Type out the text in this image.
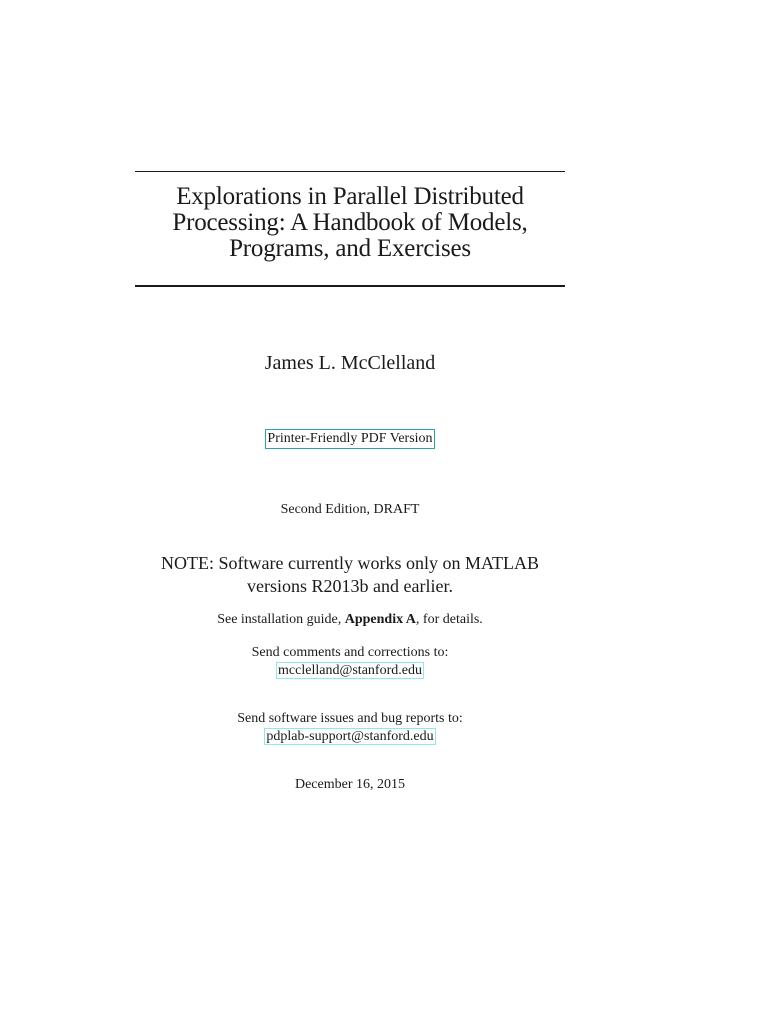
Explorations in Parallel Distributed
Processing: A Handbook of Models,
Programs, and Exercises
James L. McClelland
Printer-Friendly PDF Version
Second Edition, DRAFT
NOTE: Software currently works only on MATLAB
versions R2013b and earlier.
See installation guide, Appendix A, for details.
Send comments and corrections to:
mcclelland@stanford.edu
Send software issues and bug reports to:
pdplab-support@stanford.edu
December 16, 2015
